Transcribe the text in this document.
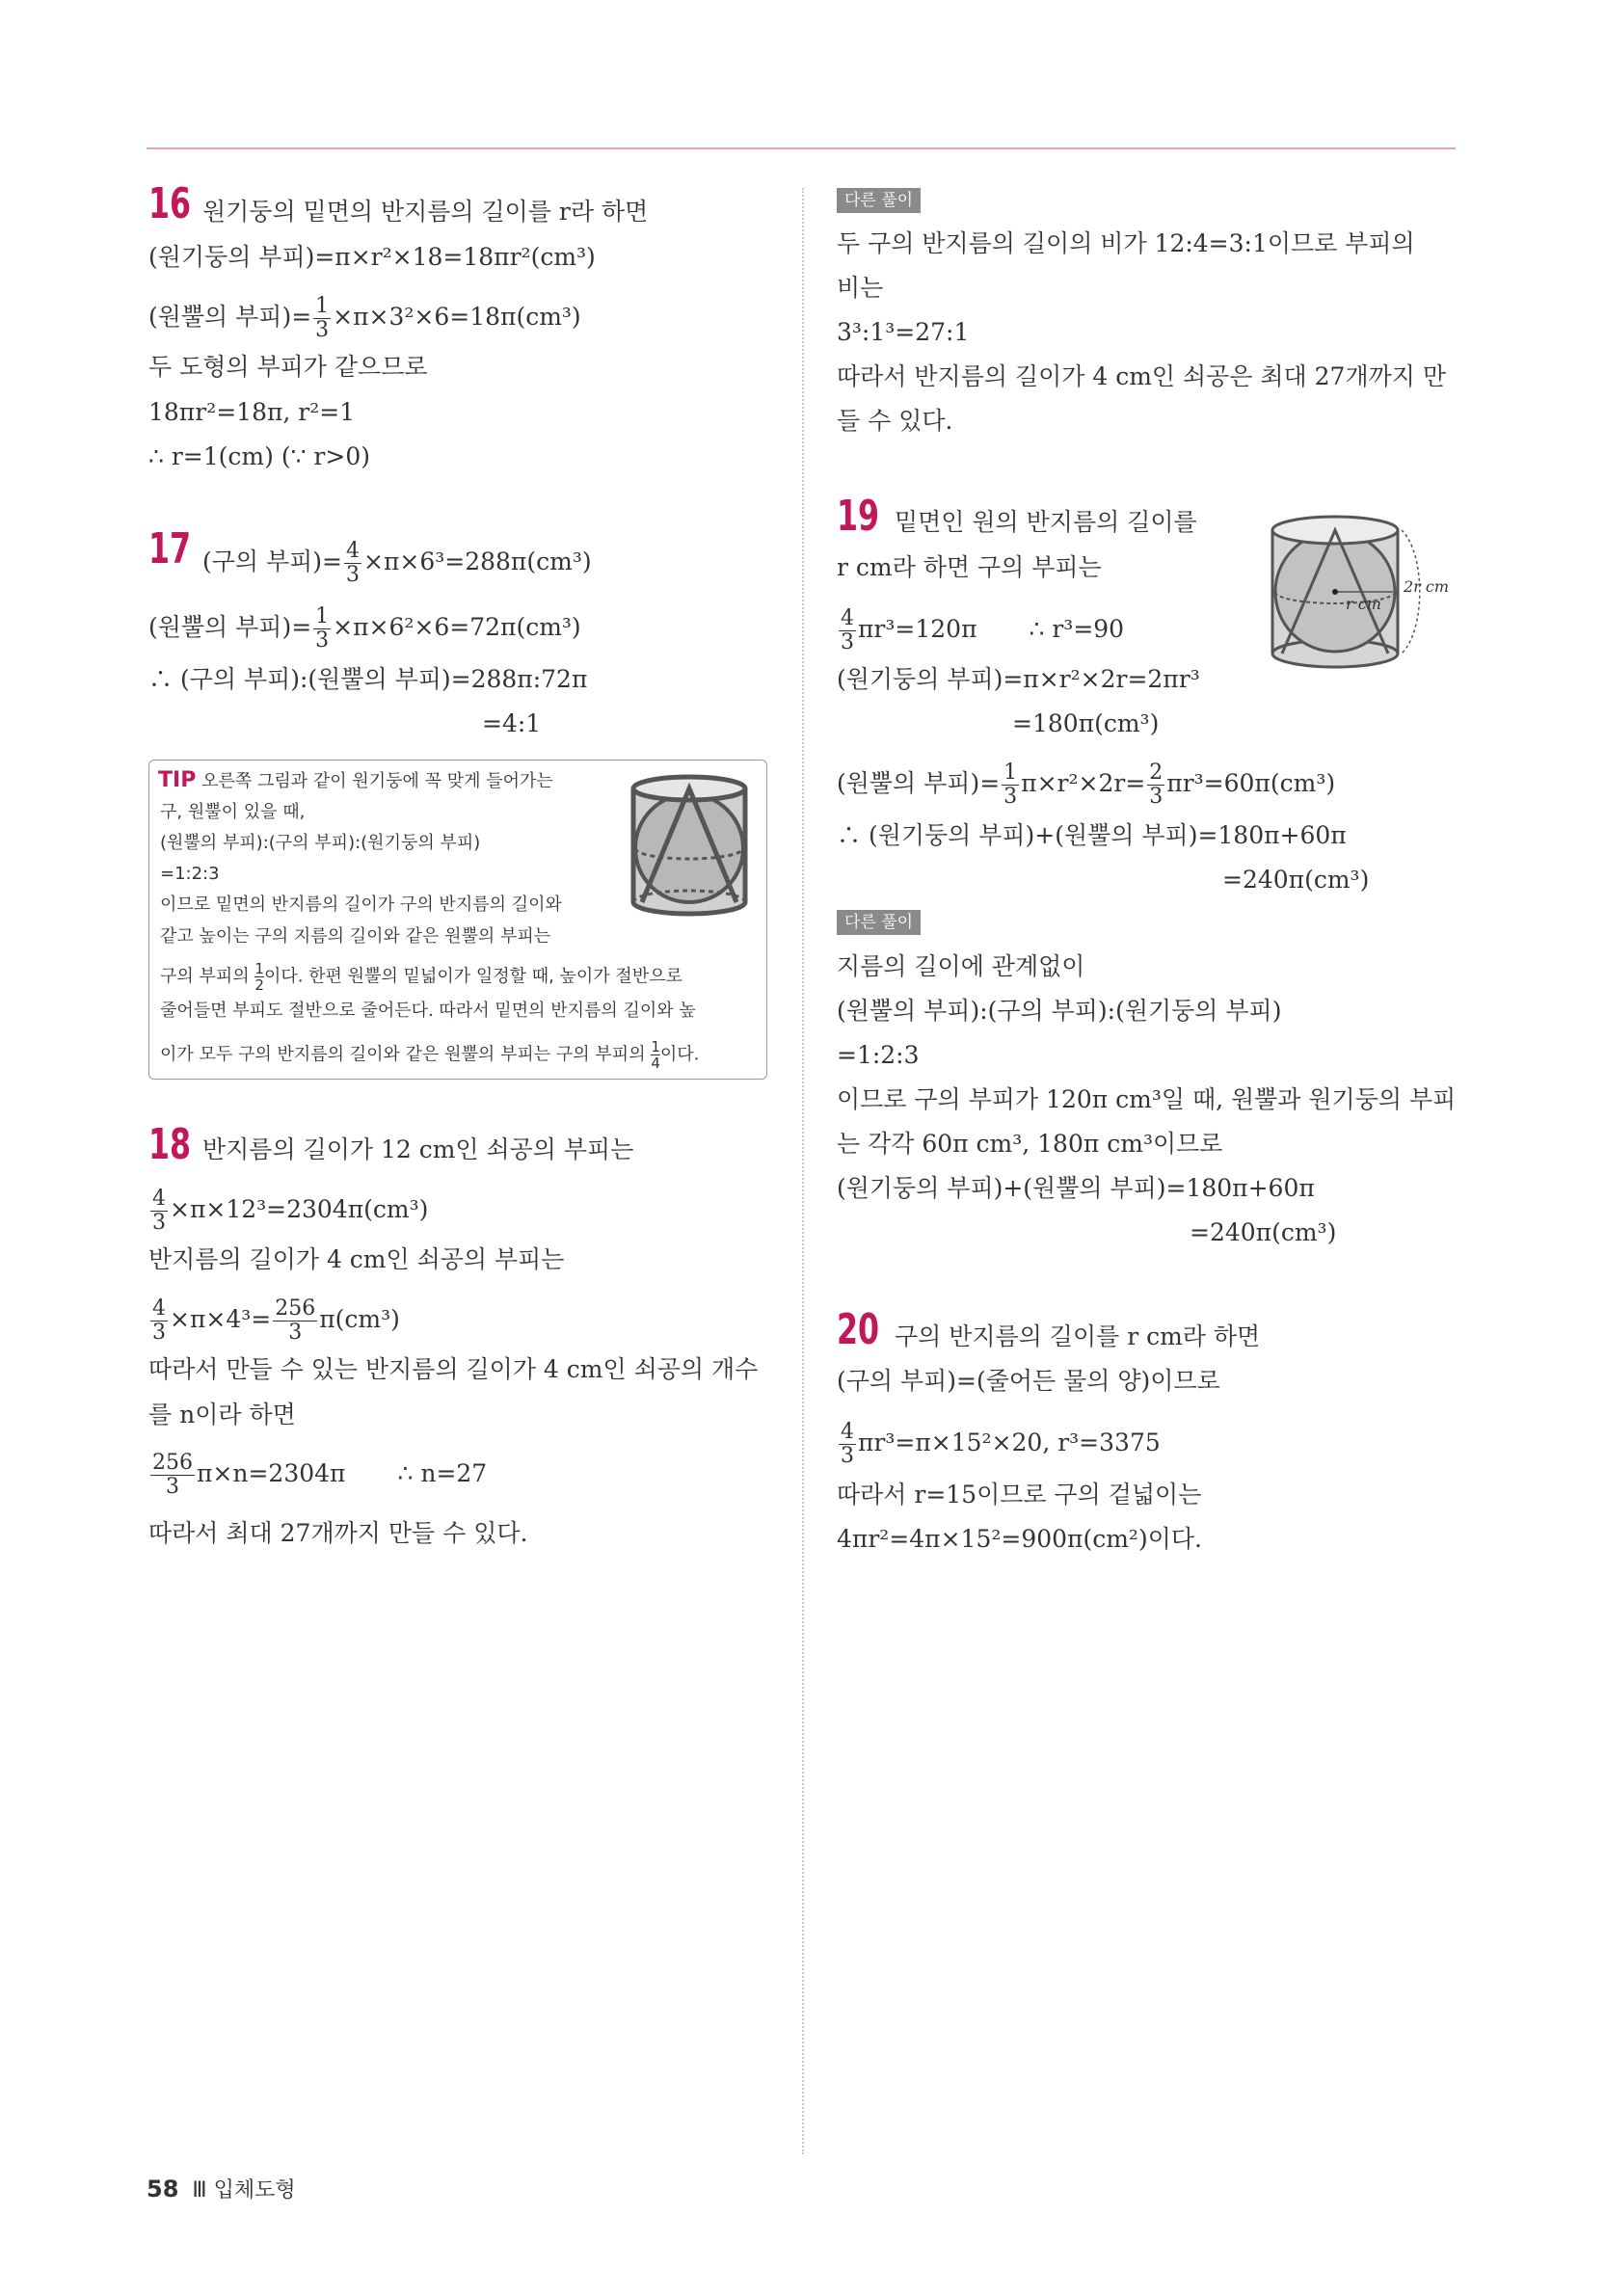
16 원기둥의 밑면의 반지름의 길이를 r라 하면
(원기둥의 부피)=π×r²×18=18πr²(cm³)
(원뿔의 부피)= $\frac{1}{3} \times\pi\times 3^2\times 6=18\pi(cm^3)$
두 도형의 부피가 같으므로
18πr²=18π, r²=1
∴ r=1(cm) (∵ r>0)
17 (구의 부피)= $\frac{4}{3} \times\pi\times 6^3=288\pi(cm^3)$
(원뿔의 부피)= $\frac{1}{3} \times\pi\times 6^2\times 6=72\pi(cm^3)$
∴ (구의 부피):(원뿔의 부피)=288π:72π
=4:1
TIP 오른쪽 그림과 같이 원기둥에 꼭 맞게 들어가는
구, 원뿔이 있을 때,
(원뿔의 부피):(구의 부피):(원기둥의 부피)
=1:2:3
이므로 밑면의 반지름의 길이가 구의 반지름의 길이와
같고 높이는 구의 지름의 길이와 같은 원뿔의 부피는
구의 부피의 $\frac{1}{2}$ 이다. 한편 원뿔의 밑넓이가 일정할 때, 높이가 절반으로
줄어들면 부피도 절반으로 줄어든다. 따라서 밑면의 반지름의 길이와 높
이가 모두 구의 반지름의 길이와 같은 원뿔의 부피는 구의 부피의 $\frac{1}{4}$ 이다.
18 반지름의 길이가 12 cm인 쇠공의 부피는
$\frac{4}{3} \times\pi\times 12^3=2304\pi(cm^3)$
반지름의 길이가 4 cm인 쇠공의 부피는
$\frac{4}{3} \times\pi\times 4^3= \frac{256}{3} \pi(cm^3)$
따라서 만들 수 있는 반지름의 길이가 4 cm인 쇠공의 개수
를 n이라 하면
$\frac{256}{3} \pi\times n=2304\pi$ ∴ n=27
따라서 최대 27개까지 만들 수 있다.
다른 풀이
두 구의 반지름의 길이의 비가 12:4=3:1이므로 부피의
비는
3³:1³=27:1
따라서 반지름의 길이가 4 cm인 쇠공은 최대 27개까지 만
들 수 있다.
19 밑면인 원의 반지름의 길이를
r cm라 하면 구의 부피는
$\frac{4}{3} \pi r^3=120\pi$ ∴ r³=90
(원기둥의 부피)=π×r²×2r=2πr³
=180π(cm³)
(원뿔의 부피)= $\frac{1}{3} \pi\times r^2\times 2r= \frac{2}{3} \pi r^3=60\pi(cm^3)$
∴ (원기둥의 부피)+(원뿔의 부피)=180π+60π
=240π(cm³)
r cm
2r cm
다른 풀이
지름의 길이에 관계없이
(원뿔의 부피):(구의 부피):(원기둥의 부피)
=1:2:3
이므로 구의 부피가 120π cm³일 때, 원뿔과 원기둥의 부피
는 각각 60π cm³, 180π cm³이므로
(원기둥의 부피)+(원뿔의 부피)=180π+60π
=240π(cm³)
20 구의 반지름의 길이를 r cm라 하면
(구의 부피)=(줄어든 물의 양)이므로
$\frac{4}{3} \pi r^3=\pi\times 15^2\times 20$, r³=3375
따라서 r=15이므로 구의 겉넓이는
4πr²=4π×15²=900π(cm²)이다.
58 Ⅲ 입체도형
